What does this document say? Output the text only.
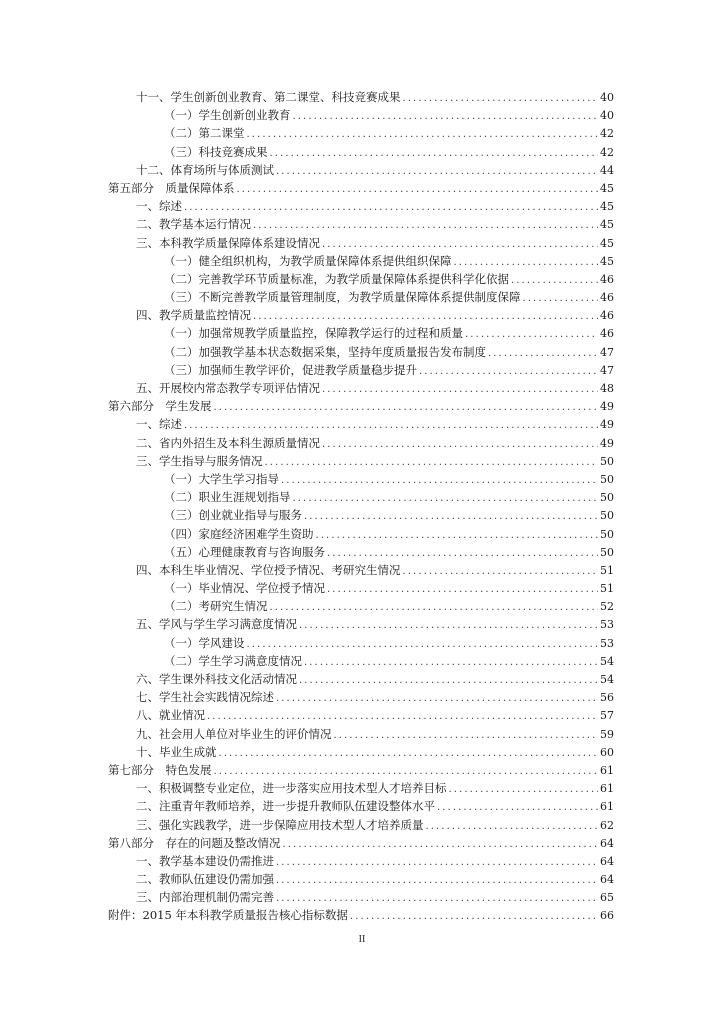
十一、学生创新创业教育、第二课堂、科技竞赛成果 .....	40
（一）学生创新创业教育 .....	40
（二）第二课堂 .....	42
（三）科技竞赛成果 .....	42
十二、体育场所与体质测试 .....	44
第五部分　质量保障体系 .....	45
一、综述 .....	45
二、教学基本运行情况 .....	45
三、本科教学质量保障体系建设情况 .....	45
（一）健全组织机构，为教学质量保障体系提供组织保障 .....	45
（二）完善教学环节质量标准，为教学质量保障体系提供科学化依据 .....	46
（三）不断完善教学质量管理制度，为教学质量保障体系提供制度保障 .....	46
四、教学质量监控情况 .....	46
（一）加强常规教学质量监控，保障教学运行的过程和质量 .....	46
（二）加强教学基本状态数据采集，坚持年度质量报告发布制度 .....	47
（三）加强师生教学评价，促进教学质量稳步提升 .....	47
五、开展校内常态教学专项评估情况 .....	48
第六部分　学生发展 .....	49
一、综述 .....	49
二、省内外招生及本科生源质量情况 .....	49
三、学生指导与服务情况 .....	50
（一）大学生学习指导 .....	50
（二）职业生涯规划指导 .....	50
（三）创业就业指导与服务 .....	50
（四）家庭经济困难学生资助 .....	50
（五）心理健康教育与咨询服务 .....	50
四、本科生毕业情况、学位授予情况、考研究生情况 .....	51
（一）毕业情况、学位授予情况 .....	51
（二）考研究生情况 .....	52
五、学风与学生学习满意度情况 .....	53
（一）学风建设 .....	53
（二）学生学习满意度情况 .....	54
六、学生课外科技文化活动情况 .....	54
七、学生社会实践情况综述 .....	56
八、就业情况 .....	57
九、社会用人单位对毕业生的评价情况 .....	59
十、毕业生成就 .....	60
第七部分　特色发展 .....	61
一、积极调整专业定位，进一步落实应用技术型人才培养目标 .....	61
二、注重青年教师培养，进一步提升教师队伍建设整体水平 .....	61
三、强化实践教学，进一步保障应用技术型人才培养质量 .....	62
第八部分　存在的问题及整改情况 .....	64
一、教学基本建设仍需推进 .....	64
二、教师队伍建设仍需加强 .....	64
三、内部治理机制仍需完善 .....	65
附件：2015 年本科教学质量报告核心指标数据 .....	66
II
